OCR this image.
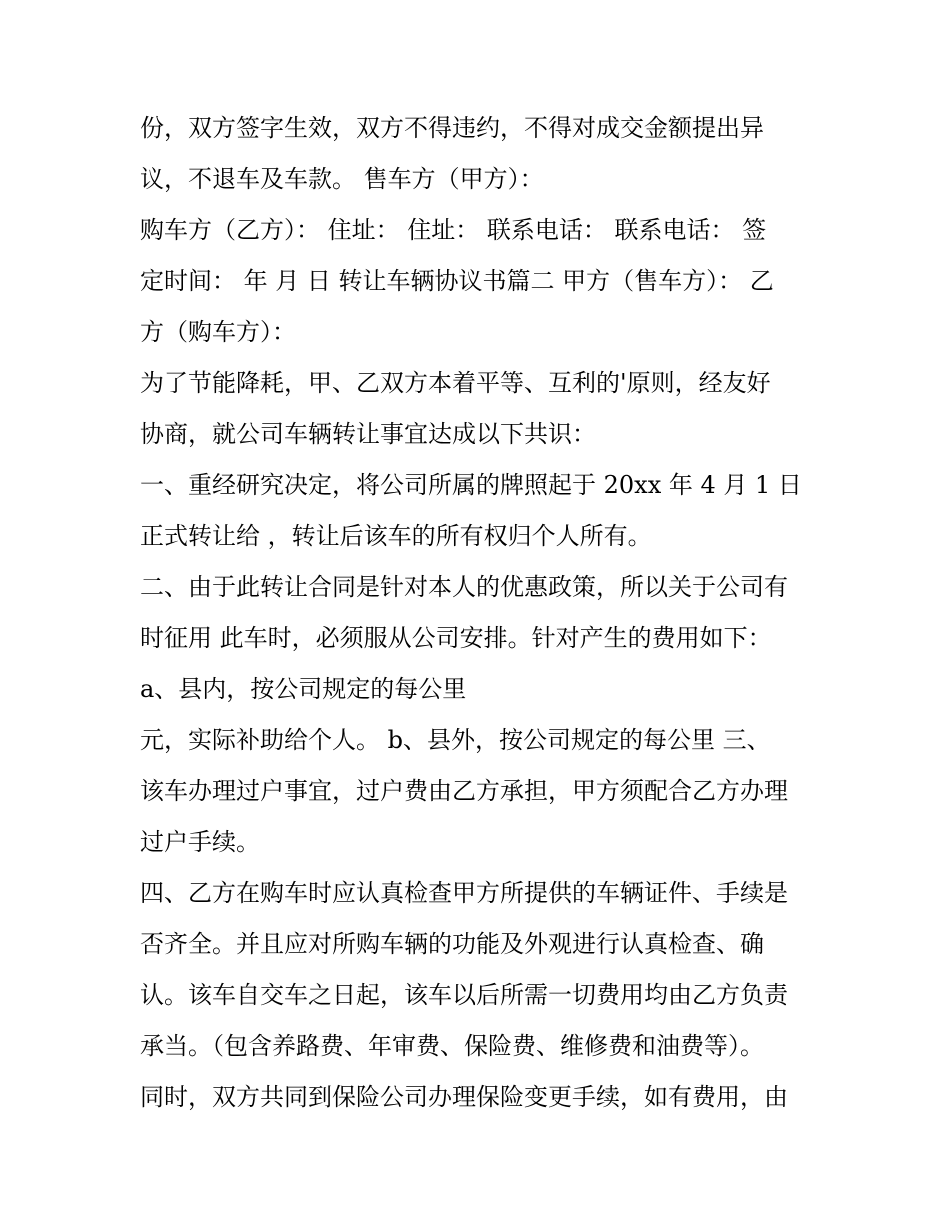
份，双方签字生效，双方不得违约，不得对成交金额提出异
议，不退车及车款。 售车方（甲方）：
购车方（乙方）： 住址： 住址： 联系电话： 联系电话： 签
定时间： 年 月 日 转让车辆协议书篇二 甲方（售车方）： 乙
方（购车方）：
为了节能降耗，甲、乙双方本着平等、互利的'原则，经友好
协商，就公司车辆转让事宜达成以下共识：
一、重经研究决定，将公司所属的牌照起于 20xx 年 4 月 1 日
正式转让给 ，转让后该车的所有权归个人所有。
二、由于此转让合同是针对本人的优惠政策，所以关于公司有
时征用 此车时，必须服从公司安排。针对产生的费用如下：
a、县内，按公司规定的每公里
元，实际补助给个人。 b、县外，按公司规定的每公里 三、
该车办理过户事宜，过户费由乙方承担，甲方须配合乙方办理
过户手续。
四、乙方在购车时应认真检查甲方所提供的车辆证件、手续是
否齐全。并且应对所购车辆的功能及外观进行认真检查、确
认。该车自交车之日起，该车以后所需一切费用均由乙方负责
承当。（包含养路费、年审费、保险费、维修费和油费等）。
同时，双方共同到保险公司办理保险变更手续，如有费用，由
